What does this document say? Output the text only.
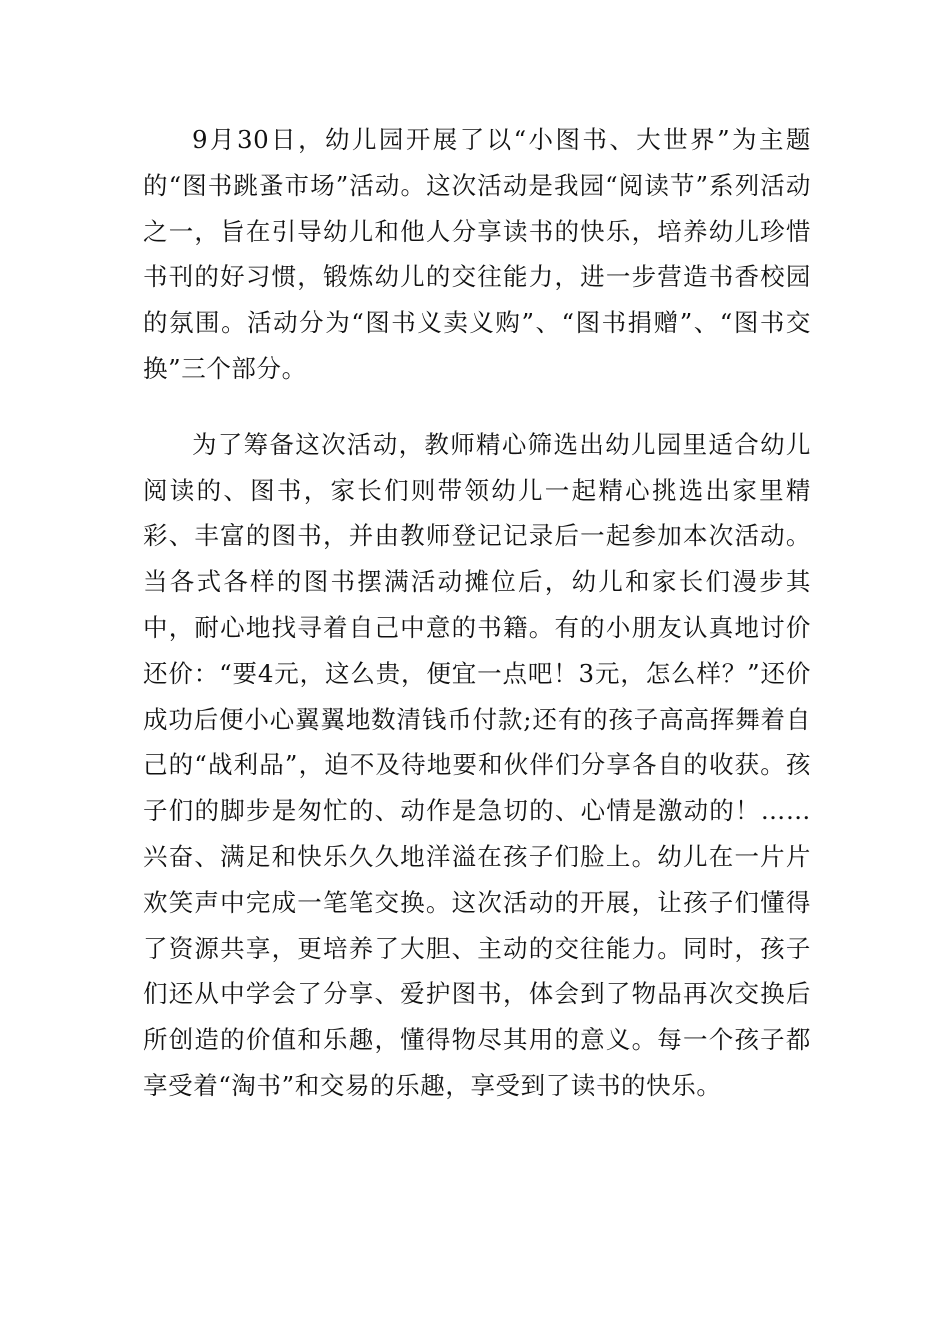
9月30日，幼儿园开展了以“小图书、大世界”为主题的“图书跳蚤市场”活动。这次活动是我园“阅读节”系列活动之一，旨在引导幼儿和他人分享读书的快乐，培养幼儿珍惜书刊的好习惯，锻炼幼儿的交往能力，进一步营造书香校园的氛围。活动分为“图书义卖义购”、“图书捐赠”、“图书交换”三个部分。

为了筹备这次活动，教师精心筛选出幼儿园里适合幼儿阅读的、图书，家长们则带领幼儿一起精心挑选出家里精彩、丰富的图书，并由教师登记记录后一起参加本次活动。当各式各样的图书摆满活动摊位后，幼儿和家长们漫步其中，耐心地找寻着自己中意的书籍。有的小朋友认真地讨价还价：“要4元，这么贵，便宜一点吧！3元，怎么样？”还价成功后便小心翼翼地数清钱币付款;还有的孩子高高挥舞着自己的“战利品”，迫不及待地要和伙伴们分享各自的收获。孩子们的脚步是匆忙的、动作是急切的、心情是激动的！……兴奋、满足和快乐久久地洋溢在孩子们脸上。幼儿在一片片欢笑声中完成一笔笔交换。这次活动的开展，让孩子们懂得了资源共享，更培养了大胆、主动的交往能力。同时，孩子们还从中学会了分享、爱护图书，体会到了物品再次交换后所创造的价值和乐趣，懂得物尽其用的意义。每一个孩子都享受着“淘书”和交易的乐趣，享受到了读书的快乐。
